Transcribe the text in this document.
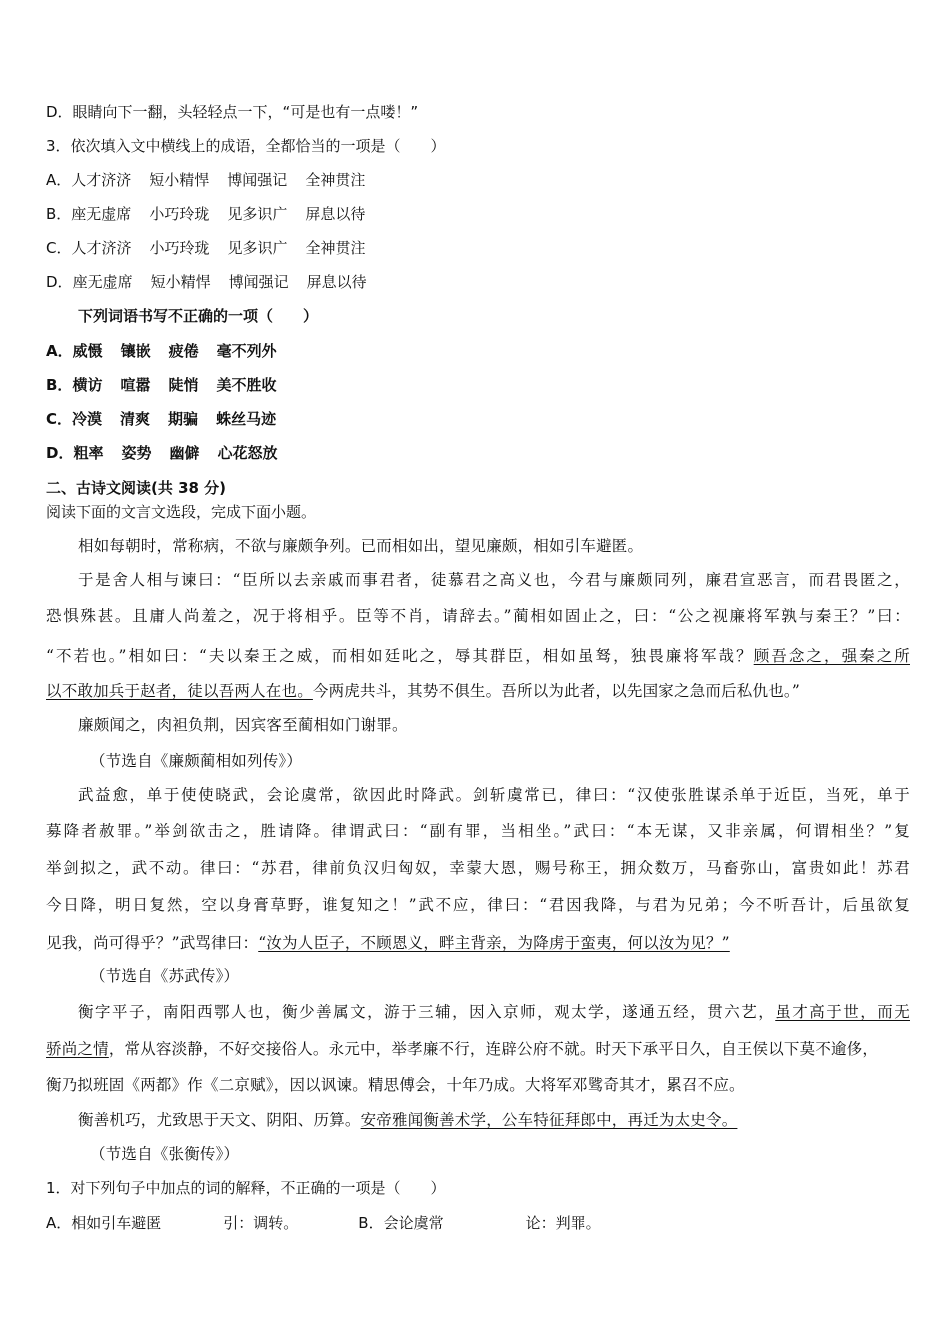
D．眼睛向下一翻，头轻轻点一下，“可是也有一点喽！”
3．依次填入文中横线上的成语，全都恰当的一项是（　　）
A．人才济济 短小精悍 博闻强记 全神贯注
B．座无虚席 小巧玲珑 见多识广 屏息以待
C．人才济济 小巧玲珑 见多识广 全神贯注
D．座无虚席 短小精悍 博闻强记 屏息以待
下列词语书写不正确的一项（　　）
A．威慑 镶嵌 疲倦 毫不列外
B．横访 喧嚣 陡悄 美不胜收
C．冷漠 清爽 期骗 蛛丝马迹
D．粗率 姿势 幽僻 心花怒放
二、古诗文阅读(共 38 分)
阅读下面的文言文选段，完成下面小题。
相如每朝时，常称病，不欲与廉颇争列。已而相如出，望见廉颇，相如引车避匿。
于是舍人相与谏曰：“臣所以去亲戚而事君者，徒慕君之高义也，今君与廉颇同列，廉君宣恶言，而君畏匿之，
恐惧殊甚。且庸人尚羞之，况于将相乎。臣等不肖，请辞去。”蔺相如固止之，曰：“公之视廉将军孰与秦王？”曰：
“不若也。”相如曰：“夫以秦王之威，而相如廷叱之，辱其群臣，相如虽驽，独畏廉将军哉？顾吾念之，强秦之所
以不敢加兵于赵者，徒以吾两人在也。今两虎共斗，其势不俱生。吾所以为此者，以先国家之急而后私仇也。”
廉颇闻之，肉袒负荆，因宾客至蔺相如门谢罪。
（节选自《廉颇蔺相如列传》）
武益愈，单于使使晓武，会论虞常，欲因此时降武。剑斩虞常已，律曰：“汉使张胜谋杀单于近臣，当死，单于
募降者赦罪。”举剑欲击之，胜请降。律谓武曰：“副有罪，当相坐。”武曰：“本无谋，又非亲属，何谓相坐？”复
举剑拟之，武不动。律曰：“苏君，律前负汉归匈奴，幸蒙大恩，赐号称王，拥众数万，马畜弥山，富贵如此！苏君
今日降，明日复然，空以身膏草野，谁复知之！”武不应，律曰：“君因我降，与君为兄弟；今不听吾计，后虽欲复
见我，尚可得乎？”武骂律曰：“汝为人臣子，不顾恩义，畔主背亲，为降虏于蛮夷，何以汝为见？”
（节选自《苏武传》）
衡字平子，南阳西鄂人也，衡少善属文，游于三辅，因入京师，观太学，遂通五经，贯六艺，虽才高于世，而无
骄尚之情，常从容淡静，不好交接俗人。永元中，举孝廉不行，连辟公府不就。时天下承平日久，自王侯以下莫不逾侈，
衡乃拟班固《两都》作《二京赋》，因以讽谏。精思傅会，十年乃成。大将军邓骘奇其才，累召不应。
衡善机巧，尤致思于天文、阴阳、历算。安帝雅闻衡善术学，公车特征拜郎中，再迁为太史令。
（节选自《张衡传》）
1．对下列句子中加点的词的解释，不正确的一项是（　　）
A．相如引车避匿	引：调转。	B．会论虞常	论：判罪。
